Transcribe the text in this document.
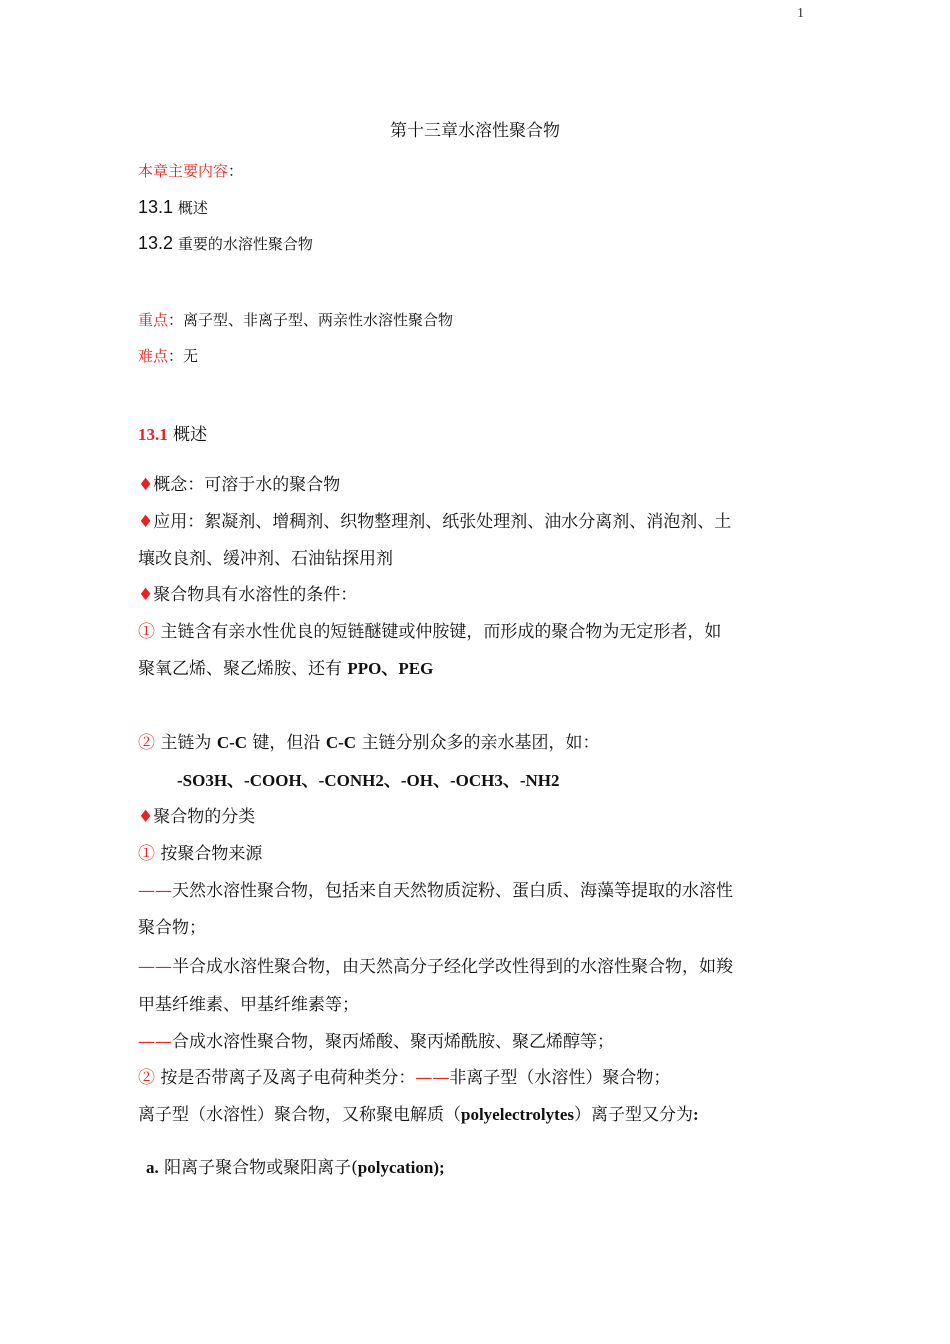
1
第十三章水溶性聚合物
本章主要内容：
13.1 概述
13.2 重要的水溶性聚合物
重点：离子型、非离子型、两亲性水溶性聚合物
难点：无
13.1 概述
♦概念：可溶于水的聚合物
♦应用：絮凝剂、增稠剂、织物整理剂、纸张处理剂、油水分离剂、消泡剂、土
壤改良剂、缓冲剂、石油钻探用剂
♦聚合物具有水溶性的条件：
① 主链含有亲水性优良的短链醚键或仲胺键，而形成的聚合物为无定形者，如
聚氧乙烯、聚乙烯胺、还有 PPO、PEG
② 主链为 C-C 键，但沿 C-C 主链分别众多的亲水基团，如：
-SO3H、-COOH、-CONH2、-OH、-OCH3、-NH2
♦聚合物的分类
① 按聚合物来源
——天然水溶性聚合物，包括来自天然物质淀粉、蛋白质、海藻等提取的水溶性
聚合物；
——半合成水溶性聚合物，由天然高分子经化学改性得到的水溶性聚合物，如羧
甲基纤维素、甲基纤维素等；
——合成水溶性聚合物，聚丙烯酸、聚丙烯酰胺、聚乙烯醇等；
② 按是否带离子及离子电荷种类分：——非离子型（水溶性）聚合物；
离子型（水溶性）聚合物，又称聚电解质（polyelectrolytes）离子型又分为:
a. 阳离子聚合物或聚阳离子(polycation);
